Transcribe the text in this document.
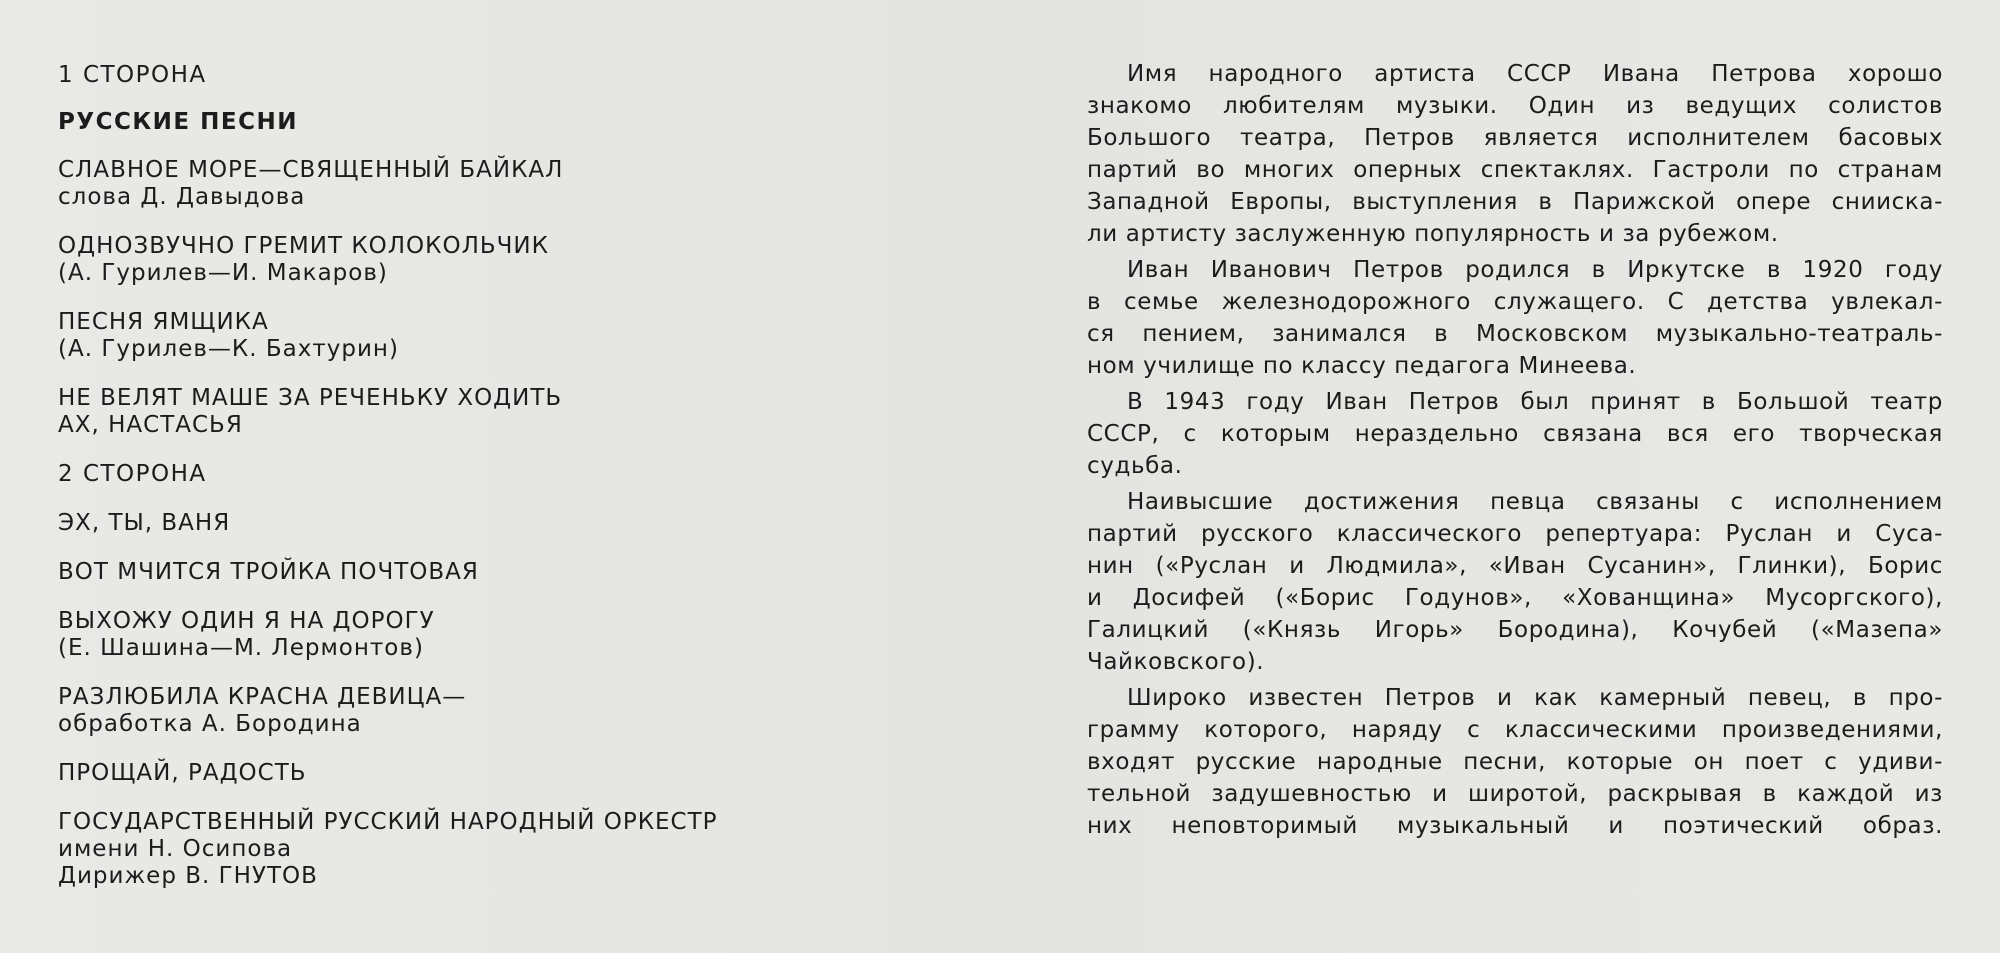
1 СТОРОНА
РУССКИЕ ПЕСНИ
СЛАВНОЕ МОРЕ—СВЯЩЕННЫЙ БАЙКАЛ
слова Д. Давыдова
ОДНОЗВУЧНО ГРЕМИТ КОЛОКОЛЬЧИК
(А. Гурилев—И. Макаров)
ПЕСНЯ ЯМЩИКА
(А. Гурилев—К. Бахтурин)
НЕ ВЕЛЯТ МАШЕ ЗА РЕЧЕНЬКУ ХОДИТЬ
АХ, НАСТАСЬЯ
2 СТОРОНА
ЭХ, ТЫ, ВАНЯ
ВОТ МЧИТСЯ ТРОЙКА ПОЧТОВАЯ
ВЫХОЖУ ОДИН Я НА ДОРОГУ
(Е. Шашина—М. Лермонтов)
РАЗЛЮБИЛА КРАСНА ДЕВИЦА—
обработка А. Бородина
ПРОЩАЙ, РАДОСТЬ
ГОСУДАРСТВЕННЫЙ РУССКИЙ НАРОДНЫЙ ОРКЕСТР
имени Н. Осипова
Дирижер В. ГНУТОВ
Имя народного артиста СССР Ивана Петрова хорошо
знакомо любителям музыки. Один из ведущих солистов
Большого театра, Петров является исполнителем басовых
партий во многих оперных спектаклях. Гастроли по странам
Западной Европы, выступления в Парижской опере снииска-
ли артисту заслуженную популярность и за рубежом.
Иван Иванович Петров родился в Иркутске в 1920 году
в семье железнодорожного служащего. С детства увлекал-
ся пением, занимался в Московском музыкально-театраль-
ном училище по классу педагога Минеева.
В 1943 году Иван Петров был принят в Большой театр
СССР, с которым нераздельно связана вся его творческая
судьба.
Наивысшие достижения певца связаны с исполнением
партий русского классического репертуара: Руслан и Суса-
нин («Руслан и Людмила», «Иван Сусанин», Глинки), Борис
и Досифей («Борис Годунов», «Хованщина» Мусоргского),
Галицкий («Князь Игорь» Бородина), Кочубей («Мазепа»
Чайковского).
Широко известен Петров и как камерный певец, в про-
грамму которого, наряду с классическими произведениями,
входят русские народные песни, которые он поет с удиви-
тельной задушевностью и широтой, раскрывая в каждой из
них неповторимый музыкальный и поэтический образ.
